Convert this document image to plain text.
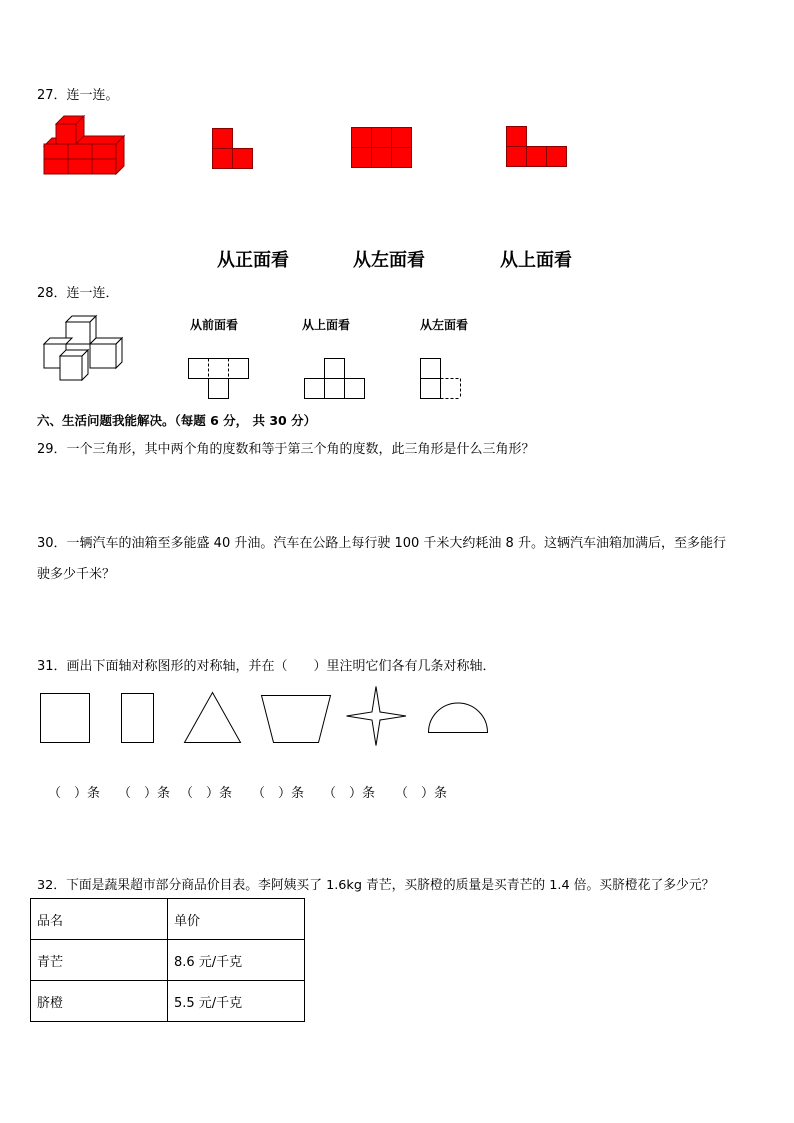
27．连一连。
从正面看	从左面看	从上面看
28．连一连．
从前面看	从上面看	从左面看
六、生活问题我能解决。（每题 6 分， 共 30 分）
29．一个三角形，其中两个角的度数和等于第三个角的度数，此三角形是什么三角形？
30．一辆汽车的油箱至多能盛 40 升油。汽车在公路上每行驶 100 千米大约耗油 8 升。这辆汽车油箱加满后，至多能行
驶多少千米？
31．画出下面轴对称图形的对称轴，并在（　　）里注明它们各有几条对称轴．
（　）条 （　）条 （　）条 （　）条 （　）条 （　）条
32．下面是蔬果超市部分商品价目表。李阿姨买了 1.6kg 青芒，买脐橙的质量是买青芒的 1.4 倍。买脐橙花了多少元？
品名	单价
青芒	8.6 元/千克
脐橙	5.5 元/千克
